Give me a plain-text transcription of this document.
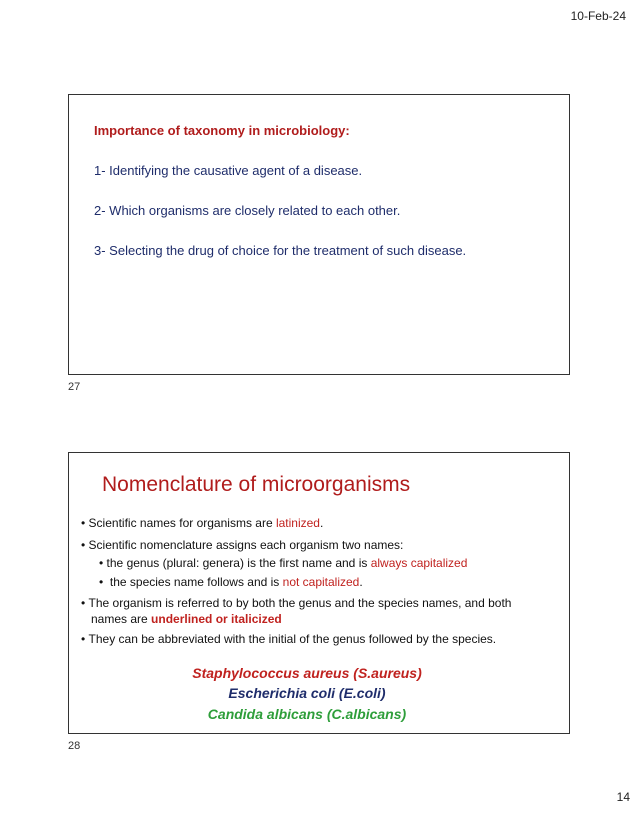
10-Feb-24
Importance of taxonomy in microbiology:
1- Identifying the causative agent of a disease.
2- Which organisms are closely related to each other.
3- Selecting the drug of choice for the treatment of such disease.
27
Nomenclature of microorganisms
• Scientific names for organisms are latinized.
• Scientific nomenclature assigns each organism two names:
• the genus (plural: genera) is the first name and is always capitalized
•  the species name follows and is not capitalized.
• The organism is referred to by both the genus and the species names, and both
names are underlined or italicized
• They can be abbreviated with the initial of the genus followed by the species.
Staphylococcus aureus (S.aureus)
Escherichia coli (E.coli)
Candida albicans (C.albicans)
28
14
